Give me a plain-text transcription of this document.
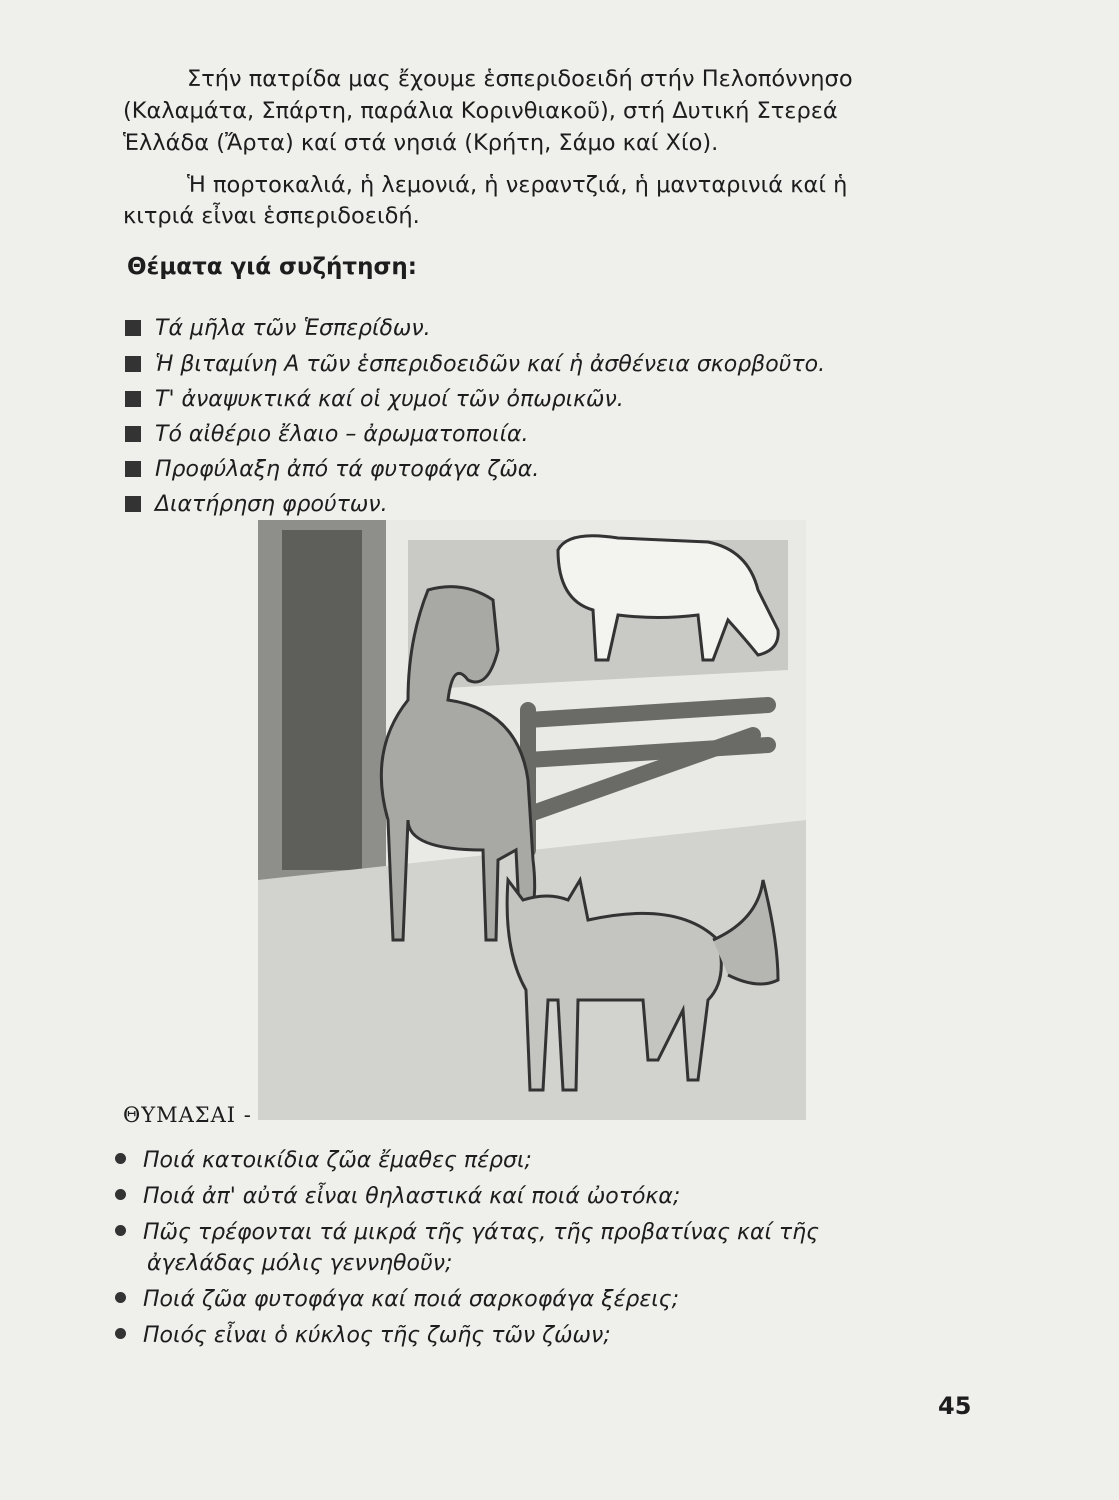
Στήν πατρίδα μας ἔχουμε ἑσπεριδοειδή στήν Πελοπόννησο
(Καλαμάτα, Σπάρτη, παράλια Κορινθιακοῦ), στή Δυτική Στερεά
Ἑλλάδα (Ἄρτα) καί στά νησιά (Κρήτη, Σάμο καί Χίο).
Ἡ πορτοκαλιά, ἡ λεμονιά, ἡ νεραντζιά, ἡ μανταρινιά καί ἡ
κιτριά εἶναι ἑσπεριδοειδή.
Θέματα γιά συζήτηση:
Τά μῆλα τῶν Ἑσπερίδων.
Ἡ βιταμίνη Α τῶν ἑσπεριδοειδῶν καί ἡ ἀσθένεια σκορβοῦτο.
Τ' ἀναψυκτικά καί οἱ χυμοί τῶν ὀπωρικῶν.
Τό αἰθέριο ἔλαιο – ἀρωματοποιία.
Προφύλαξη ἀπό τά φυτοφάγα ζῶα.
Διατήρηση φρούτων.
ΘΥΜΑΣΑΙ -
Ποιά κατοικίδια ζῶα ἔμαθες πέρσι;
Ποιά ἀπ' αὐτά εἶναι θηλαστικά καί ποιά ὠοτόκα;
Πῶς τρέφονται τά μικρά τῆς γάτας, τῆς προβατίνας καί τῆς
ἀγελάδας μόλις γεννηθοῦν;
Ποιά ζῶα φυτοφάγα καί ποιά σαρκοφάγα ξέρεις;
Ποιός εἶναι ὁ κύκλος τῆς ζωῆς τῶν ζώων;
45
